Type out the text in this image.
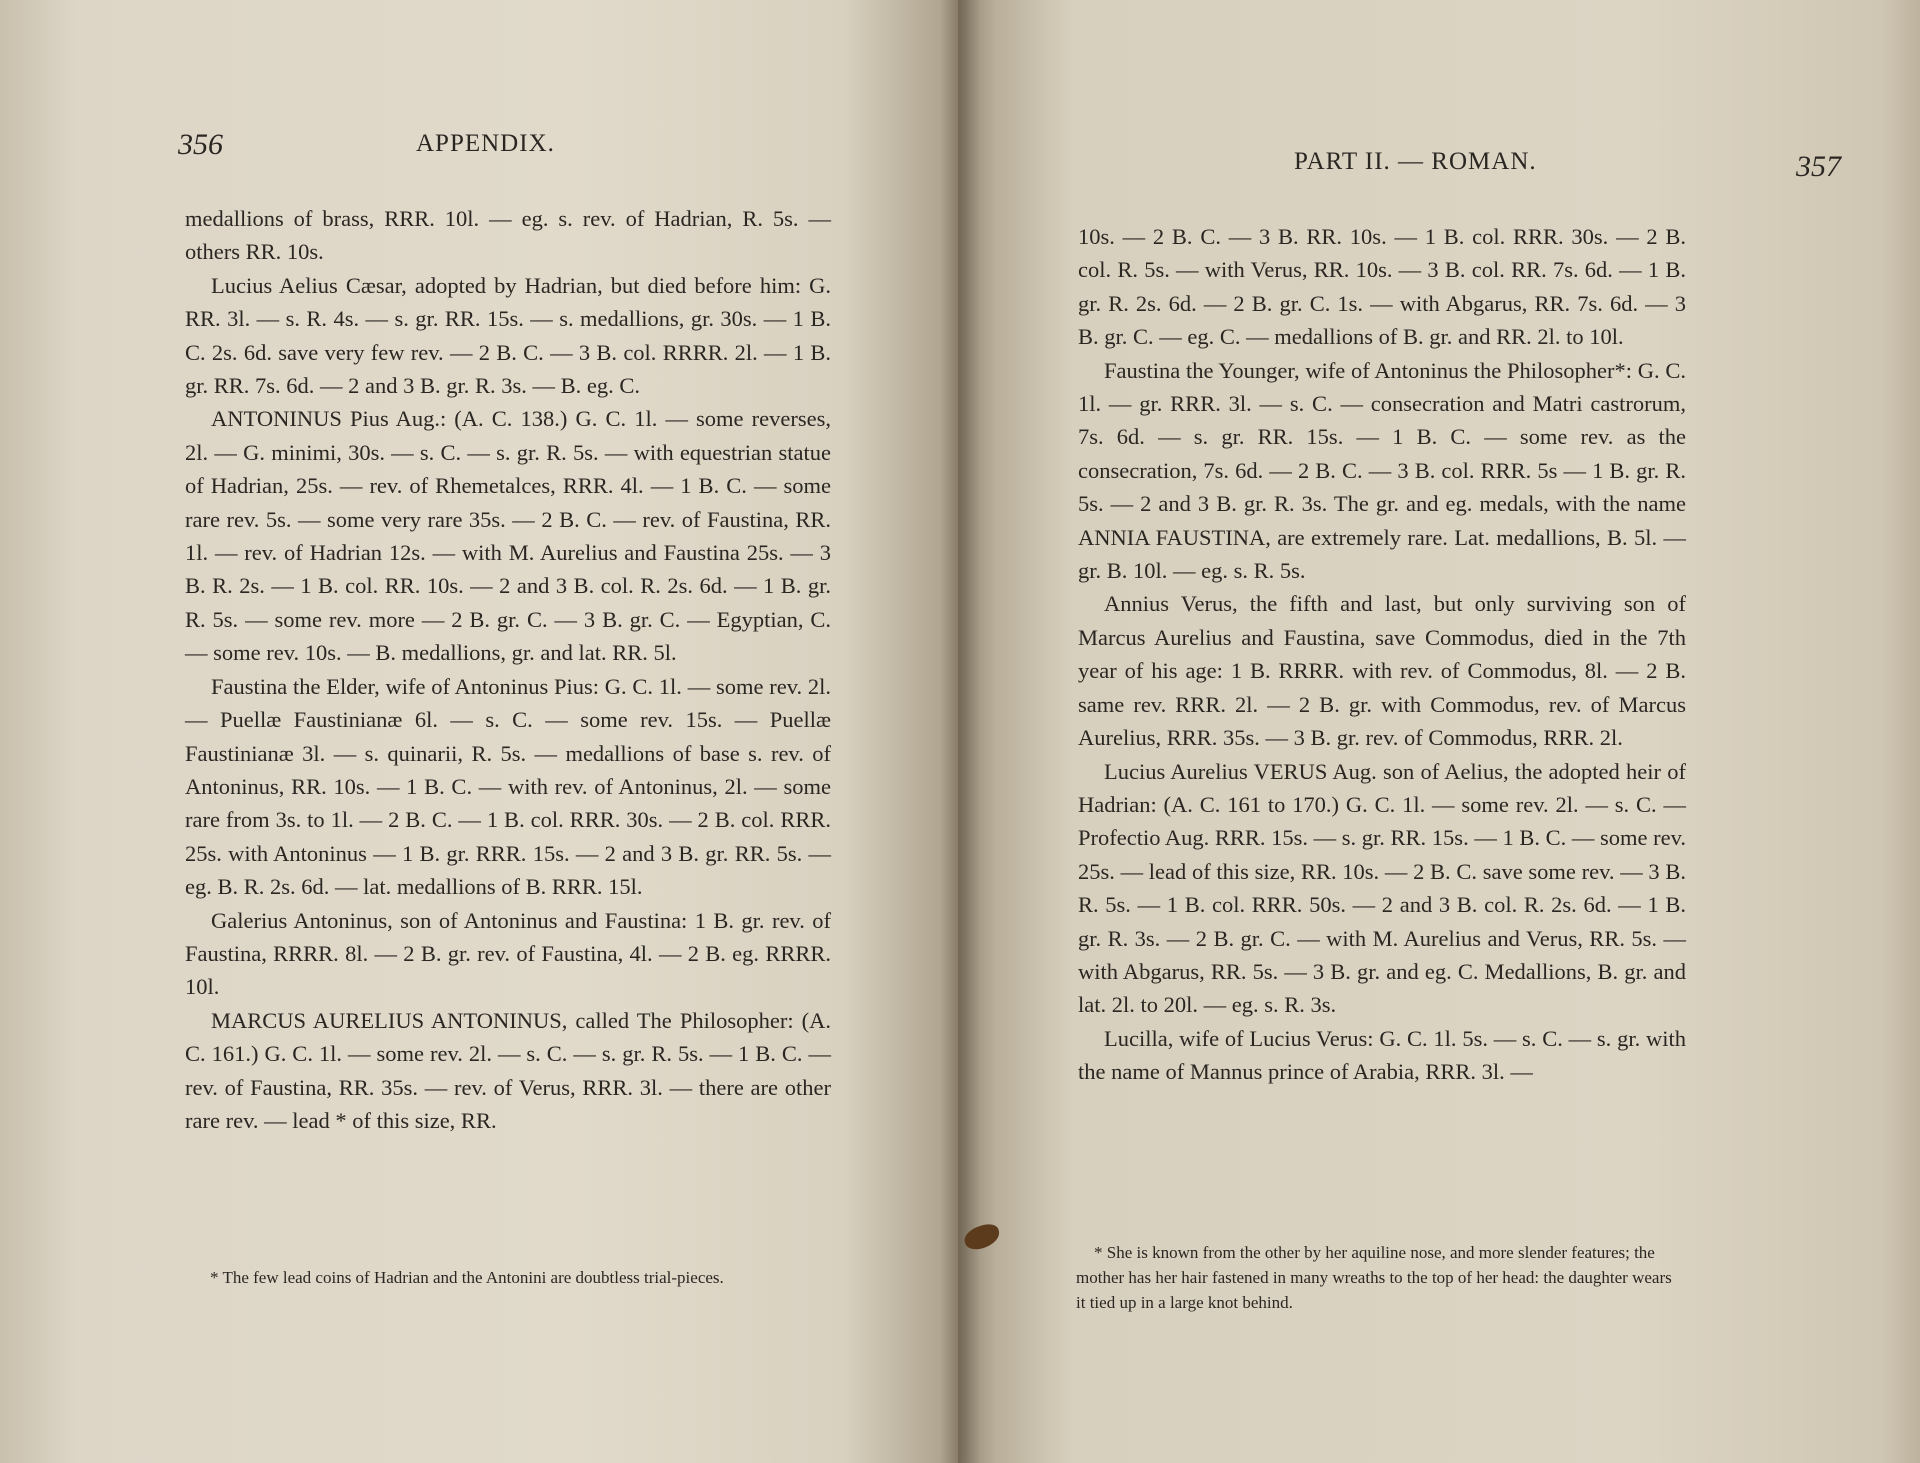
356	APPENDIX.

medallions of brass, RRR. 10l. — eg. s. rev. of Hadrian, R. 5s. — others RR. 10s.

Lucius Aelius Cæsar, adopted by Hadrian, but died before him: G. RR. 3l. — s. R. 4s. — s. gr. RR. 15s. — s. medallions, gr. 30s. — 1 B. C. 2s. 6d. save very few rev. — 2 B. C. — 3 B. col. RRRR. 2l. — 1 B. gr. RR. 7s. 6d. — 2 and 3 B. gr. R. 3s. — B. eg. C.

ANTONINUS Pius Aug.: (A. C. 138.) G. C. 1l. — some reverses, 2l. — G. minimi, 30s. — s. C. — s. gr. R. 5s. — with equestrian statue of Hadrian, 25s. — rev. of Rhemetalces, RRR. 4l. — 1 B. C. — some rare rev. 5s. — some very rare 35s. — 2 B. C. — rev. of Faustina, RR. 1l. — rev. of Hadrian 12s. — with M. Aurelius and Faustina 25s. — 3 B. R. 2s. — 1 B. col. RR. 10s. — 2 and 3 B. col. R. 2s. 6d. — 1 B. gr. R. 5s. — some rev. more — 2 B. gr. C. — 3 B. gr. C. — Egyptian, C. — some rev. 10s. — B. medallions, gr. and lat. RR. 5l.

Faustina the Elder, wife of Antoninus Pius: G. C. 1l. — some rev. 2l. — Puellæ Faustinianæ 6l. — s. C. — some rev. 15s. — Puellæ Faustinianæ 3l. — s. quinarii, R. 5s. — medallions of base s. rev. of Antoninus, RR. 10s. — 1 B. C. — with rev. of Antoninus, 2l. — some rare from 3s. to 1l. — 2 B. C. — 1 B. col. RRR. 30s. — 2 B. col. RRR. 25s. with Antoninus — 1 B. gr. RRR. 15s. — 2 and 3 B. gr. RR. 5s. — eg. B. R. 2s. 6d. — lat. medallions of B. RRR. 15l.

Galerius Antoninus, son of Antoninus and Faustina: 1 B. gr. rev. of Faustina, RRRR. 8l. — 2 B. gr. rev. of Faustina, 4l. — 2 B. eg. RRRR. 10l.

MARCUS AURELIUS ANTONINUS, called The Philosopher: (A. C. 161.) G. C. 1l. — some rev. 2l. — s. C. — s. gr. R. 5s. — 1 B. C. — rev. of Faustina, RR. 35s. — rev. of Verus, RRR. 3l. — there are other rare rev. — lead * of this size, RR.

* The few lead coins of Hadrian and the Antonini are doubtless trial-pieces.

PART II. — ROMAN.	357

10s. — 2 B. C. — 3 B. RR. 10s. — 1 B. col. RRR. 30s. — 2 B. col. R. 5s. — with Verus, RR. 10s. — 3 B. col. RR. 7s. 6d. — 1 B. gr. R. 2s. 6d. — 2 B. gr. C. 1s. — with Abgarus, RR. 7s. 6d. — 3 B. gr. C. — eg. C. — medallions of B. gr. and RR. 2l. to 10l.

Faustina the Younger, wife of Antoninus the Philosopher*: G. C. 1l. — gr. RRR. 3l. — s. C. — consecration and Matri castrorum, 7s. 6d. — s. gr. RR. 15s. — 1 B. C. — some rev. as the consecration, 7s. 6d. — 2 B. C. — 3 B. col. RRR. 5s — 1 B. gr. R. 5s. — 2 and 3 B. gr. R. 3s. The gr. and eg. medals, with the name ANNIA FAUSTINA, are extremely rare. Lat. medallions, B. 5l. — gr. B. 10l. — eg. s. R. 5s.

Annius Verus, the fifth and last, but only surviving son of Marcus Aurelius and Faustina, save Commodus, died in the 7th year of his age: 1 B. RRRR. with rev. of Commodus, 8l. — 2 B. same rev. RRR. 2l. — 2 B. gr. with Commodus, rev. of Marcus Aurelius, RRR. 35s. — 3 B. gr. rev. of Commodus, RRR. 2l.

Lucius Aurelius VERUS Aug. son of Aelius, the adopted heir of Hadrian: (A. C. 161 to 170.) G. C. 1l. — some rev. 2l. — s. C. — Profectio Aug. RRR. 15s. — s. gr. RR. 15s. — 1 B. C. — some rev. 25s. — lead of this size, RR. 10s. — 2 B. C. save some rev. — 3 B. R. 5s. — 1 B. col. RRR. 50s. — 2 and 3 B. col. R. 2s. 6d. — 1 B. gr. R. 3s. — 2 B. gr. C. — with M. Aurelius and Verus, RR. 5s. — with Abgarus, RR. 5s. — 3 B. gr. and eg. C. Medallions, B. gr. and lat. 2l. to 20l. — eg. s. R. 3s.

Lucilla, wife of Lucius Verus: G. C. 1l. 5s. — s. C. — s. gr. with the name of Mannus prince of Arabia, RRR. 3l. —

* She is known from the other by her aquiline nose, and more slender features; the mother has her hair fastened in many wreaths to the top of her head: the daughter wears it tied up in a large knot behind.
